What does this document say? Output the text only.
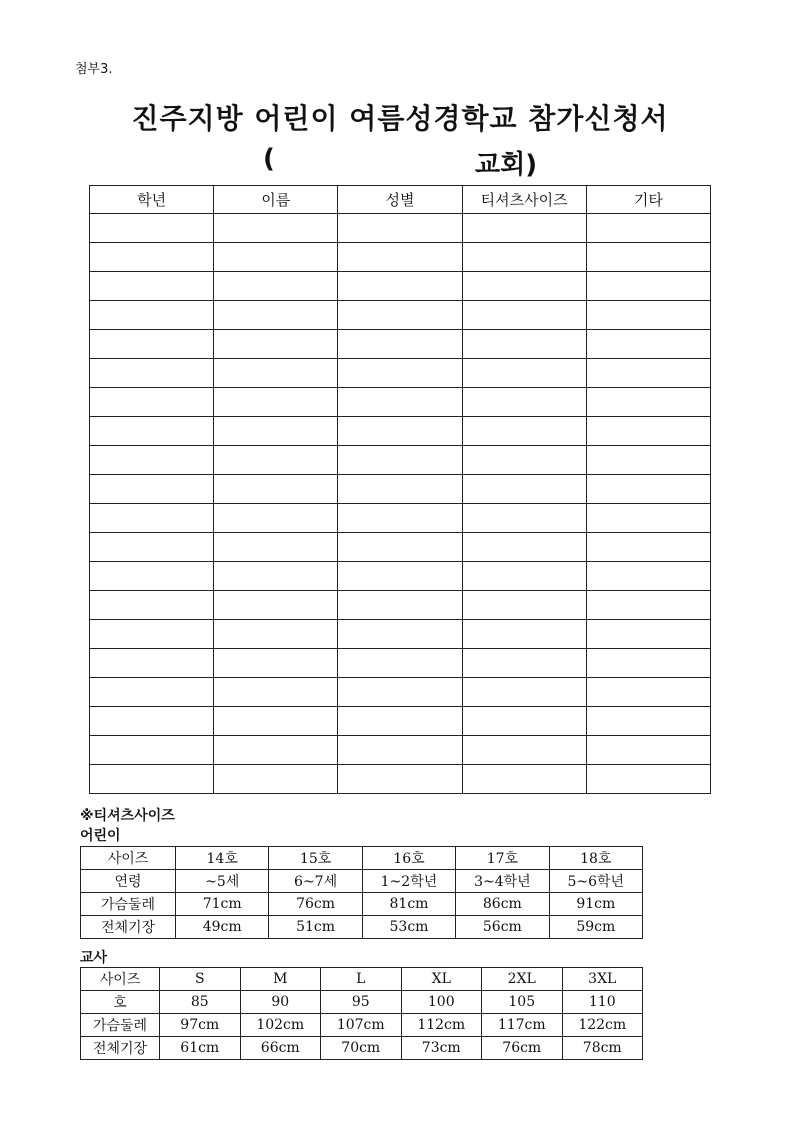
첨부3.
진주지방 어린이 여름성경학교 참가신청서
(	교회)
학년	이름	성별	티셔츠사이즈	기타

※티셔츠사이즈
어린이
사이즈	14호	15호	16호	17호	18호
연령	~5세	6~7세	1~2학년	3~4학년	5~6학년
가슴둘레	71cm	76cm	81cm	86cm	91cm
전체기장	49cm	51cm	53cm	56cm	59cm
교사
사이즈	S	M	L	XL	2XL	3XL
호	85	90	95	100	105	110
가슴둘레	97cm	102cm	107cm	112cm	117cm	122cm
전체기장	61cm	66cm	70cm	73cm	76cm	78cm
